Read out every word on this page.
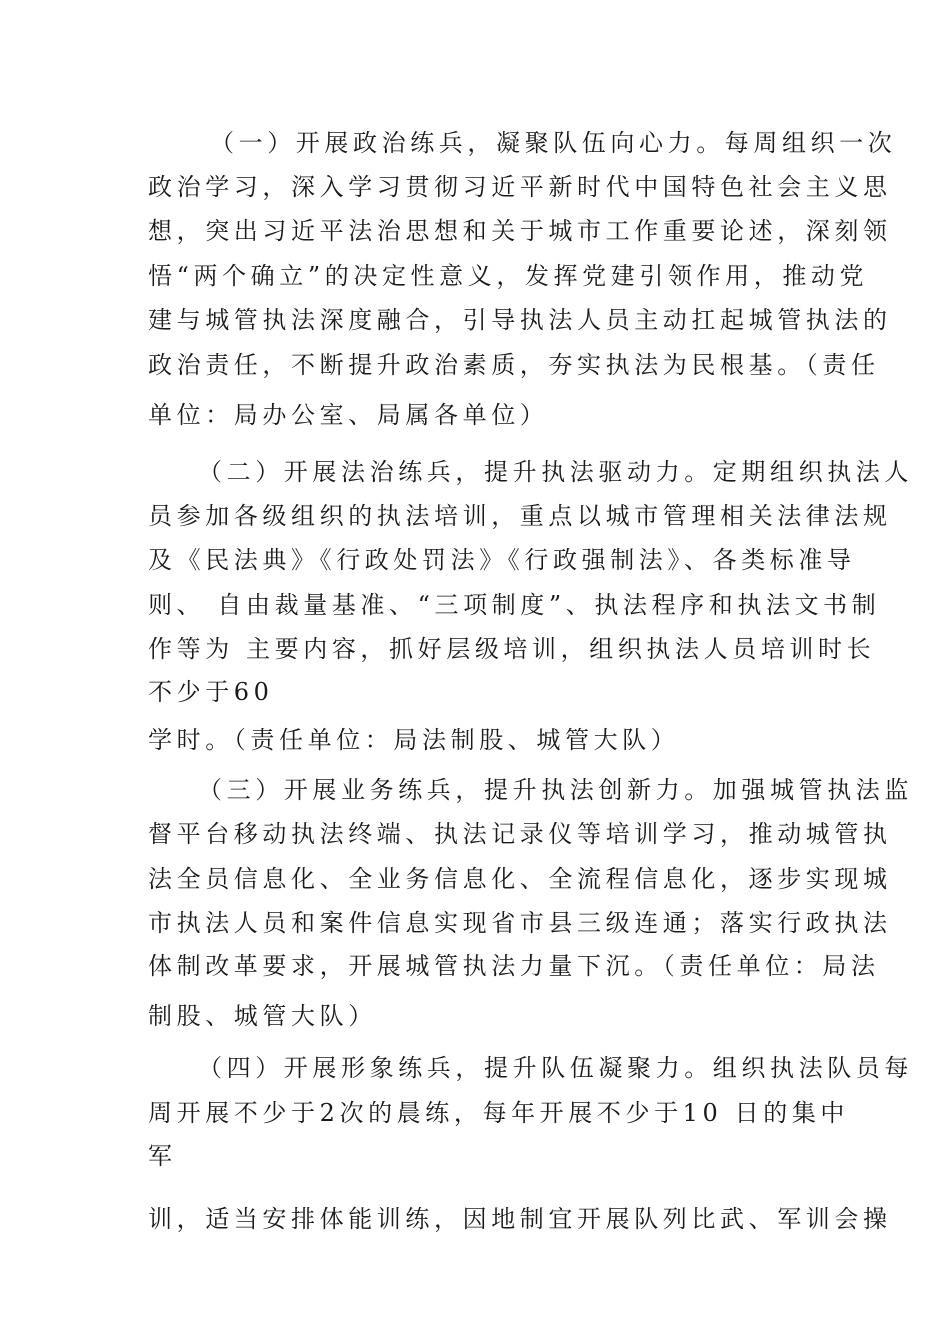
（一）开展政治练兵，凝聚队伍向心力。每周组织一次
政治学习，深入学习贯彻习近平新时代中国特色社会主义思
想，突出习近平法治思想和关于城市工作重要论述，深刻领
悟“两个确立”的决定性意义，发挥党建引领作用，推动党
建与城管执法深度融合，引导执法人员主动扛起城管执法的
政治责任，不断提升政治素质，夯实执法为民根基。（责任
单位：局办公室、局属各单位）
（二）开展法治练兵，提升执法驱动力。定期组织执法人
员参加各级组织的执法培训，重点以城市管理相关法律法规
及《民法典》《行政处罚法》《行政强制法》、各类标准导
则、 自由裁量基准、“三项制度”、执法程序和执法文书制
作等为 主要内容，抓好层级培训，组织执法人员培训时长
不少于60
学时。（责任单位：局法制股、城管大队）
（三）开展业务练兵，提升执法创新力。加强城管执法监
督平台移动执法终端、执法记录仪等培训学习，推动城管执
法全员信息化、全业务信息化、全流程信息化，逐步实现城
市执法人员和案件信息实现省市县三级连通；落实行政执法
体制改革要求，开展城管执法力量下沉。（责任单位：局法
制股、城管大队）
（四）开展形象练兵，提升队伍凝聚力。组织执法队员每
周开展不少于2次的晨练，每年开展不少于10 日的集中
军
训，适当安排体能训练，因地制宜开展队列比武、军训会操
